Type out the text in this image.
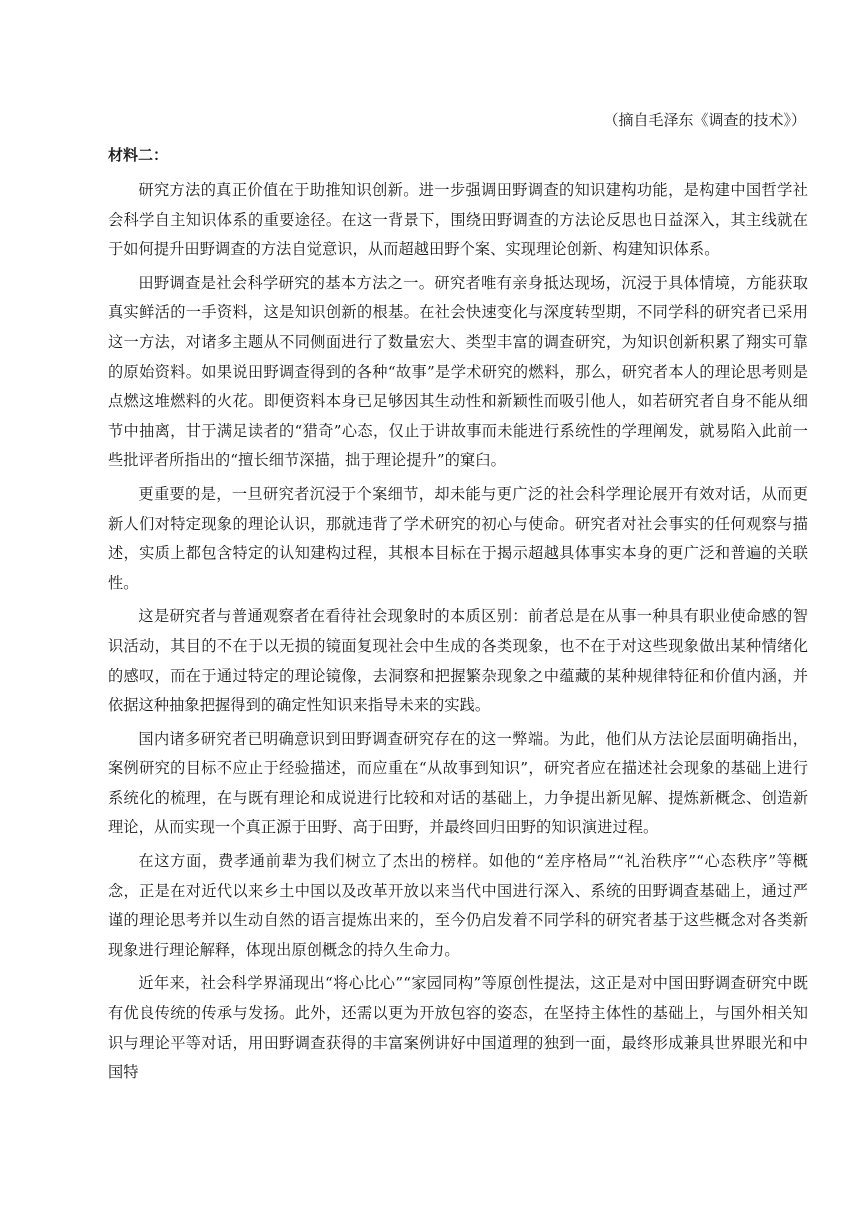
（摘自毛泽东《调查的技术》）

材料二：

研究方法的真正价值在于助推知识创新。进一步强调田野调查的知识建构功能，是构建中国哲学社会科学自主知识体系的重要途径。在这一背景下，围绕田野调查的方法论反思也日益深入，其主线就在于如何提升田野调查的方法自觉意识，从而超越田野个案、实现理论创新、构建知识体系。

田野调查是社会科学研究的基本方法之一。研究者唯有亲身抵达现场，沉浸于具体情境，方能获取真实鲜活的一手资料，这是知识创新的根基。在社会快速变化与深度转型期，不同学科的研究者已采用这一方法，对诸多主题从不同侧面进行了数量宏大、类型丰富的调查研究，为知识创新积累了翔实可靠的原始资料。如果说田野调查得到的各种“故事”是学术研究的燃料，那么，研究者本人的理论思考则是点燃这堆燃料的火花。即便资料本身已足够因其生动性和新颖性而吸引他人，如若研究者自身不能从细节中抽离，甘于满足读者的“猎奇”心态，仅止于讲故事而未能进行系统性的学理阐发，就易陷入此前一些批评者所指出的“擅长细节深描，拙于理论提升”的窠臼。

更重要的是，一旦研究者沉浸于个案细节，却未能与更广泛的社会科学理论展开有效对话，从而更新人们对特定现象的理论认识，那就违背了学术研究的初心与使命。研究者对社会事实的任何观察与描述，实质上都包含特定的认知建构过程，其根本目标在于揭示超越具体事实本身的更广泛和普遍的关联性。

这是研究者与普通观察者在看待社会现象时的本质区别：前者总是在从事一种具有职业使命感的智识活动，其目的不在于以无损的镜面复现社会中生成的各类现象，也不在于对这些现象做出某种情绪化的感叹，而在于通过特定的理论镜像，去洞察和把握繁杂现象之中蕴藏的某种规律特征和价值内涵，并依据这种抽象把握得到的确定性知识来指导未来的实践。

国内诸多研究者已明确意识到田野调查研究存在的这一弊端。为此，他们从方法论层面明确指出，案例研究的目标不应止于经验描述，而应重在“从故事到知识”，研究者应在描述社会现象的基础上进行系统化的梳理，在与既有理论和成说进行比较和对话的基础上，力争提出新见解、提炼新概念、创造新理论，从而实现一个真正源于田野、高于田野，并最终回归田野的知识演进过程。

在这方面，费孝通前辈为我们树立了杰出的榜样。如他的“差序格局”“礼治秩序”“心态秩序”等概念，正是在对近代以来乡土中国以及改革开放以来当代中国进行深入、系统的田野调查基础上，通过严谨的理论思考并以生动自然的语言提炼出来的，至今仍启发着不同学科的研究者基于这些概念对各类新现象进行理论解释，体现出原创概念的持久生命力。

近年来，社会科学界涌现出“将心比心”“家园同构”等原创性提法，这正是对中国田野调查研究中既有优良传统的传承与发扬。此外，还需以更为开放包容的姿态，在坚持主体性的基础上，与国外相关知识与理论平等对话，用田野调查获得的丰富案例讲好中国道理的独到一面，最终形成兼具世界眼光和中国特
